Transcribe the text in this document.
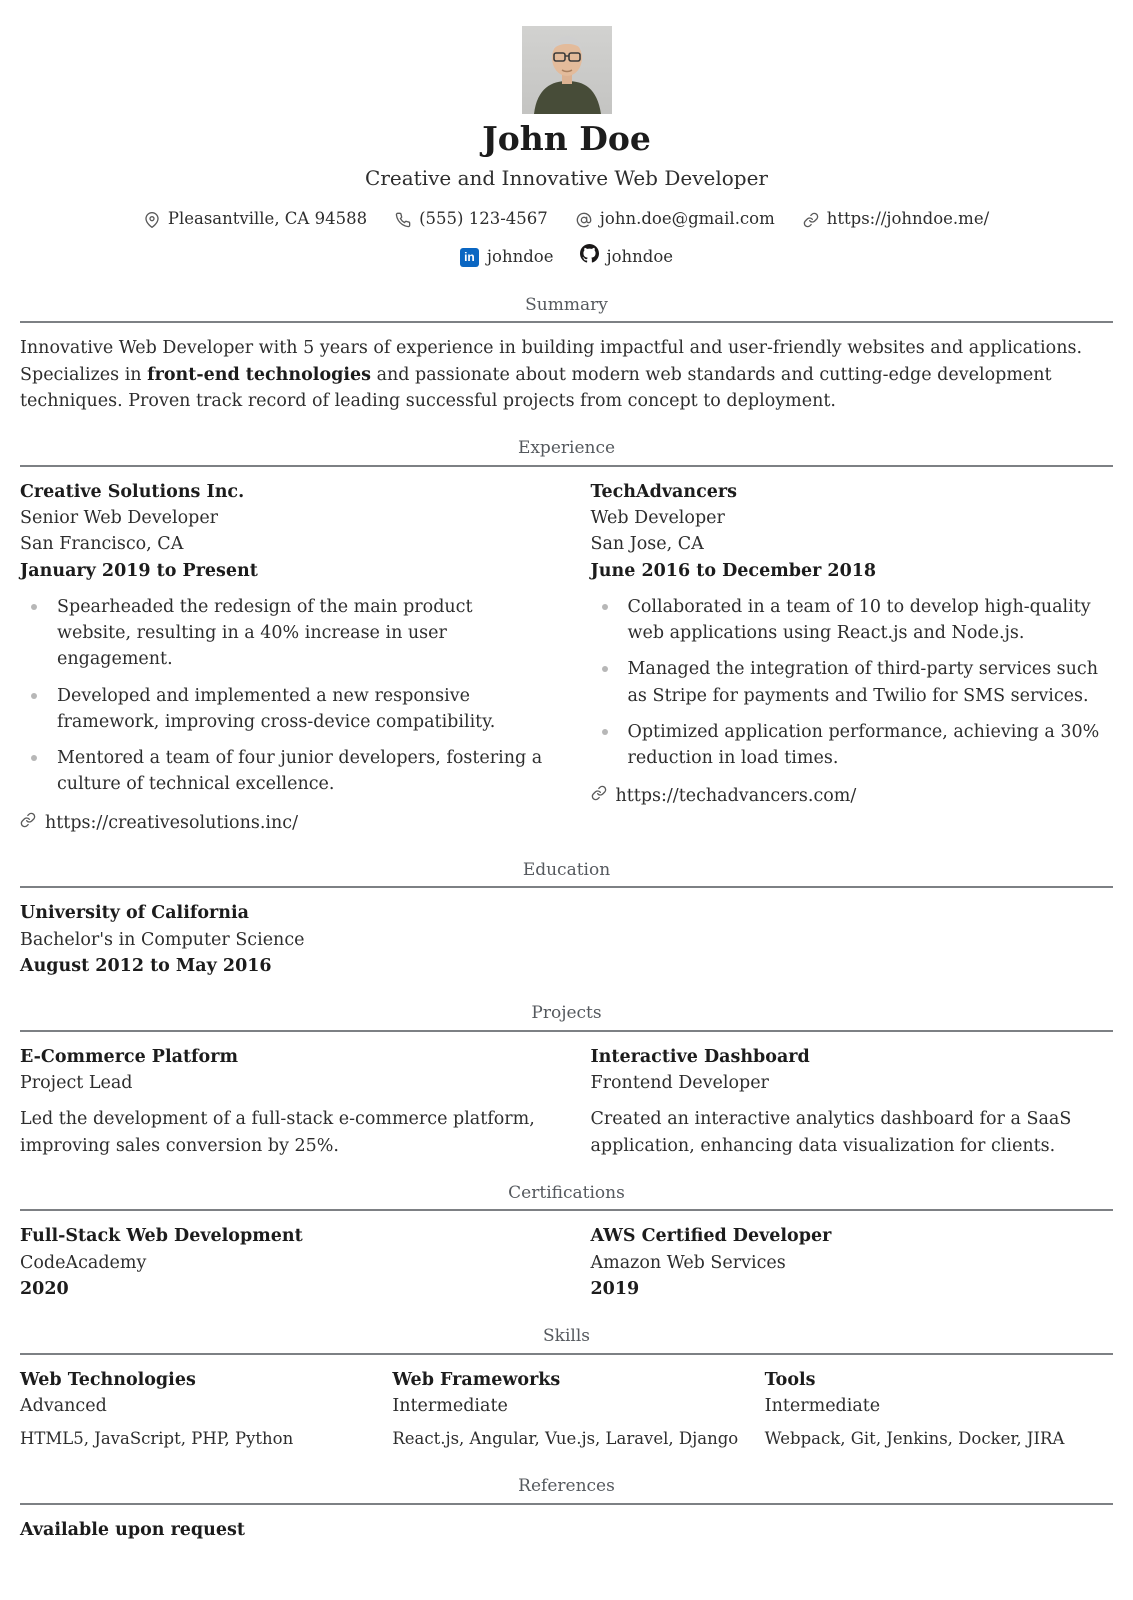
John Doe
Creative and Innovative Web Developer
Pleasantville, CA 94588	(555) 123-4567	john.doe@gmail.com	https://johndoe.me/
in johndoe	johndoe
Summary

Innovative Web Developer with 5 years of experience in building impactful and user-friendly websites and applications. Specializes in front-end technologies and passionate about modern web standards and cutting-edge development techniques. Proven track record of leading successful projects from concept to deployment.

Experience
Creative Solutions Inc.
Senior Web Developer
San Francisco, CA
January 2019 to Present
Spearheaded the redesign of the main product website, resulting in a 40% increase in user engagement.
Developed and implemented a new responsive framework, improving cross-device compatibility.
Mentored a team of four junior developers, fostering a culture of technical excellence.
https://creativesolutions.inc/
TechAdvancers
Web Developer
San Jose, CA
June 2016 to December 2018
Collaborated in a team of 10 to develop high-quality web applications using React.js and Node.js.
Managed the integration of third-party services such as Stripe for payments and Twilio for SMS services.
Optimized application performance, achieving a 30% reduction in load times.
https://techadvancers.com/
Education
University of California
Bachelor's in Computer Science
August 2012 to May 2016
Projects
E-Commerce Platform
Project Lead
Led the development of a full-stack e-commerce platform, improving sales conversion by 25%.
Interactive Dashboard
Frontend Developer
Created an interactive analytics dashboard for a SaaS application, enhancing data visualization for clients.
Certifications
Full-Stack Web Development
CodeAcademy
2020
AWS Certified Developer
Amazon Web Services
2019
Skills
Web Technologies
Advanced
HTML5, JavaScript, PHP, Python
Web Frameworks
Intermediate
React.js, Angular, Vue.js, Laravel, Django
Tools
Intermediate
Webpack, Git, Jenkins, Docker, JIRA
References
Available upon request
